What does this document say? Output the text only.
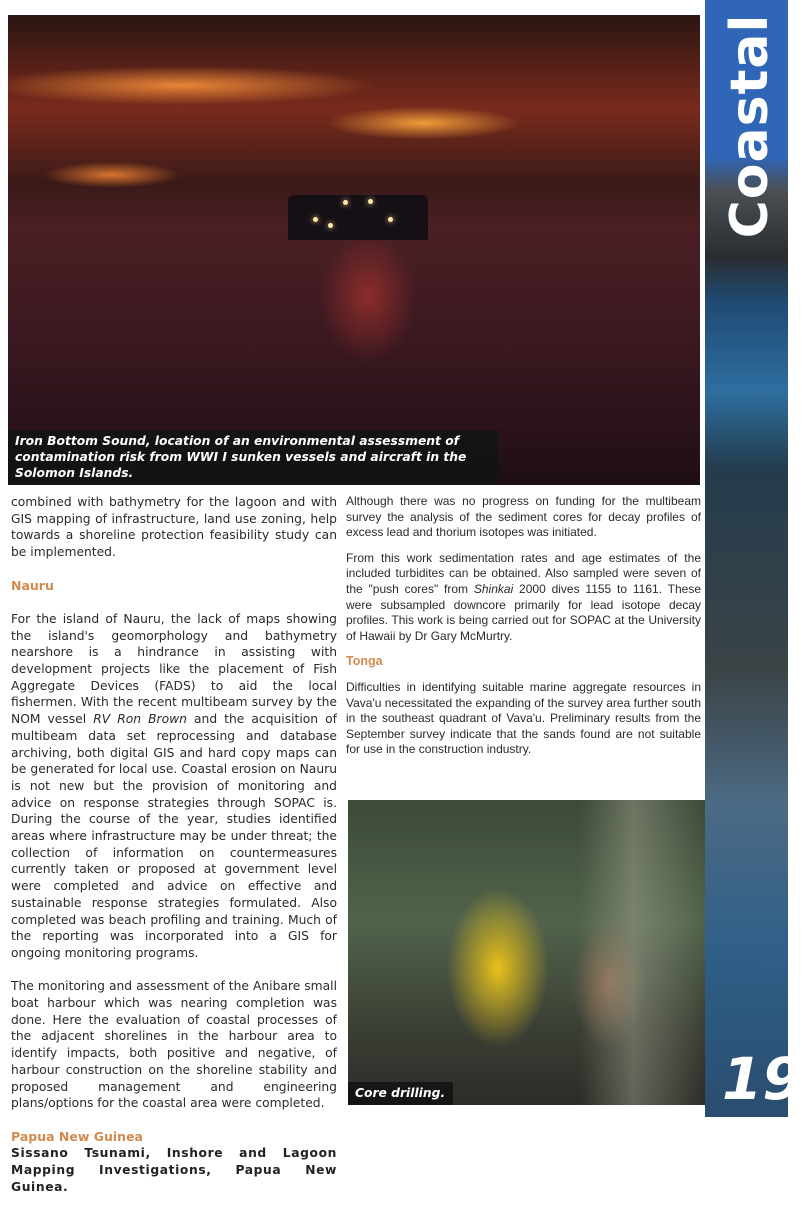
Iron Bottom Sound, location of an environmental assessment of contamination risk from WWI I sunken vessels and aircraft in the Solomon Islands.

combined with bathymetry for the lagoon and with GIS mapping of infrastructure, land use zoning, help towards a shoreline protection feasibility study can be implemented.

Nauru

For the island of Nauru, the lack of maps showing the island's geomorphology and bathymetry nearshore is a hindrance in assisting with development projects like the placement of Fish Aggregate Devices (FADS) to aid the local fishermen. With the recent multibeam survey by the NOM vessel RV Ron Brown and the acquisition of multibeam data set reprocessing and database archiving, both digital GIS and hard copy maps can be generated for local use. Coastal erosion on Nauru is not new but the provision of monitoring and advice on response strategies through SOPAC is. During the course of the year, studies identified areas where infrastructure may be under threat; the collection of information on countermeasures currently taken or proposed at government level were completed and advice on effective and sustainable response strategies formulated. Also completed was beach profiling and training. Much of the reporting was incorporated into a GIS for ongoing monitoring programs.

The monitoring and assessment of the Anibare small boat harbour which was nearing completion was done. Here the evaluation of coastal processes of the adjacent shorelines in the harbour area to identify impacts, both positive and negative, of harbour construction on the shoreline stability and proposed management and engineering plans/options for the coastal area were completed.

Papua New Guinea

Sissano Tsunami, Inshore and Lagoon Mapping Investigations, Papua New Guinea.

Although there was no progress on funding for the multibeam survey the analysis of the sediment cores for decay profiles of excess lead and thorium isotopes was initiated.

From this work sedimentation rates and age estimates of the included turbidites can be obtained. Also sampled were seven of the "push cores" from Shinkai 2000 dives 1155 to 1161. These were subsampled downcore primarily for lead isotope decay profiles. This work is being carried out for SOPAC at the University of Hawaii by Dr Gary McMurtry.

Tonga

Difficulties in identifying suitable marine aggregate resources in Vava'u necessitated the expanding of the survey area further south in the southeast quadrant of Vava'u. Preliminary results from the September survey indicate that the sands found are not suitable for use in the construction industry.

Core drilling.
Coastal
19
